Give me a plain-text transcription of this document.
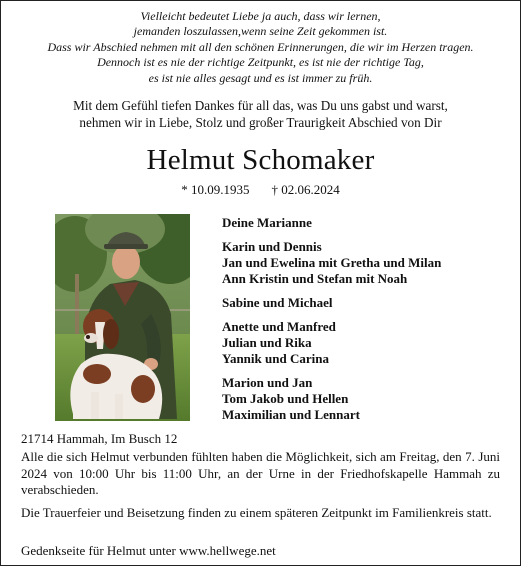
Vielleicht bedeutet Liebe ja auch, dass wir lernen,
jemanden loszulassen,wenn seine Zeit gekommen ist.
Dass wir Abschied nehmen mit all den schönen Erinnerungen, die wir im Herzen tragen.
Dennoch ist es nie der richtige Zeitpunkt, es ist nie der richtige Tag,
es ist nie alles gesagt und es ist immer zu früh.
Mit dem Gefühl tiefen Dankes für all das, was Du uns gabst und warst,
nehmen wir in Liebe, Stolz und großer Traurigkeit Abschied von Dir
Helmut Schomaker
* 10.09.1935 † 02.06.2024
Deine Marianne
Karin und Dennis
Jan und Ewelina mit Gretha und Milan
Ann Kristin und Stefan mit Noah
Sabine und Michael
Anette und Manfred
Julian und Rika
Yannik und Carina
Marion und Jan
Tom Jakob und Hellen
Maximilian und Lennart
21714 Hammah, Im Busch 12
Alle die sich Helmut verbunden fühlten haben die Möglichkeit, sich am Freitag, den 7. Juni 2024 von 10:00 Uhr bis 11:00 Uhr, an der Urne in der Friedhofskapelle Hammah zu verabschieden.
Die Trauerfeier und Beisetzung finden zu einem späteren Zeitpunkt im Familienkreis statt.
Gedenkseite für Helmut unter www.hellwege.net
